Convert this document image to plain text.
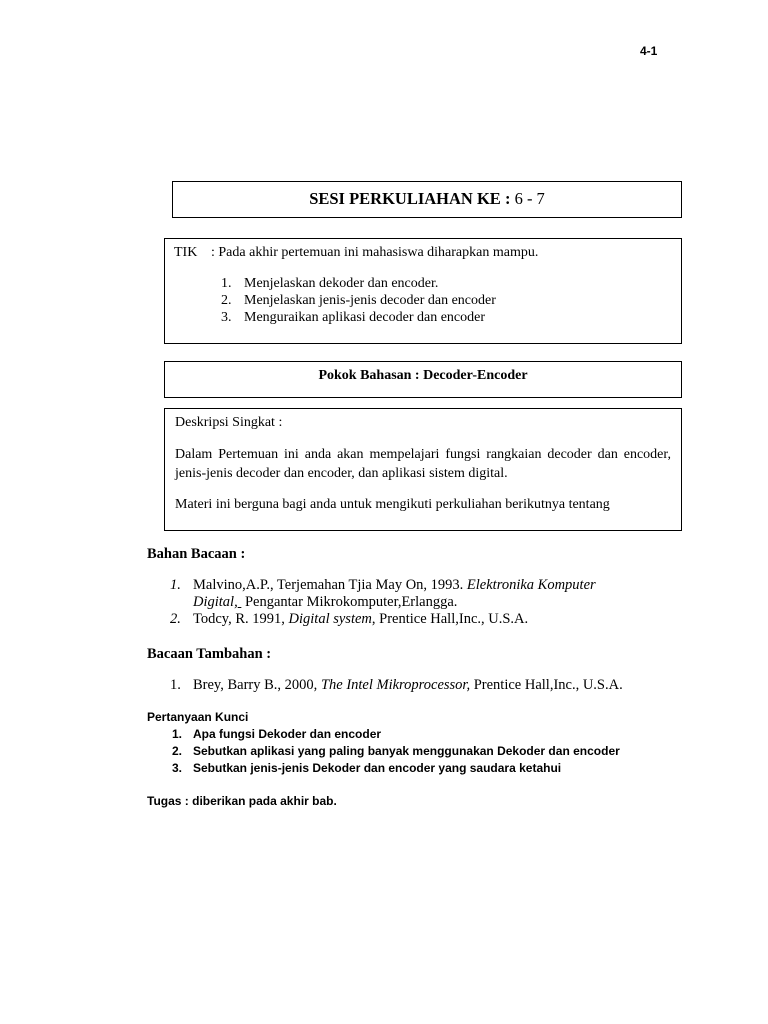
4-1
SESI PERKULIAHAN KE : 6 - 7
TIK : Pada akhir pertemuan ini mahasiswa diharapkan mampu.
1. Menjelaskan dekoder dan encoder.
2. Menjelaskan jenis-jenis decoder dan encoder
3. Menguraikan aplikasi decoder dan encoder
Pokok Bahasan : Decoder-Encoder
Deskripsi Singkat :
Dalam Pertemuan ini anda akan mempelajari fungsi rangkaian decoder dan encoder, jenis-jenis decoder dan encoder, dan aplikasi sistem digital.
Materi ini berguna bagi anda untuk mengikuti perkuliahan berikutnya tentang
Bahan Bacaan :
1. Malvino,A.P., Terjemahan Tjia May On, 1993. Elektronika Komputer Digital,  Pengantar Mikrokomputer,Erlangga.
2. Todcy, R. 1991, Digital system, Prentice Hall,Inc., U.S.A.
Bacaan Tambahan :
1. Brey, Barry B., 2000, The Intel Mikroprocessor, Prentice Hall,Inc., U.S.A.
Pertanyaan Kunci
1. Apa fungsi Dekoder dan encoder
2. Sebutkan aplikasi yang paling banyak menggunakan Dekoder dan encoder
3. Sebutkan jenis-jenis Dekoder dan encoder yang saudara ketahui
Tugas : diberikan pada akhir bab.
